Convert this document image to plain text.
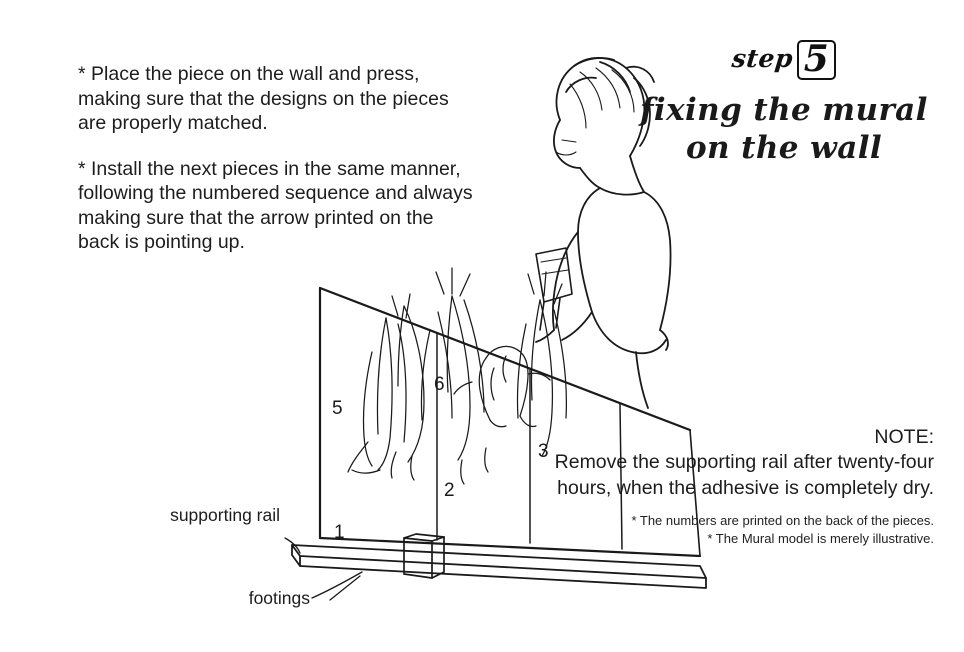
* Place the piece on the wall and press, making sure that the designs on the pieces are properly matched.

* Install the next pieces in the same manner, following the numbered sequence and always making sure that the arrow printed on the back is pointing up.

step 5
fixing the mural
on the wall
NOTE:
Remove the supporting rail after twenty-four hours, when the adhesive is completely dry.
* The numbers are printed on the back of the pieces.
* The Mural model is merely illustrative.
supporting rail
footings
1
2
3
5
6
